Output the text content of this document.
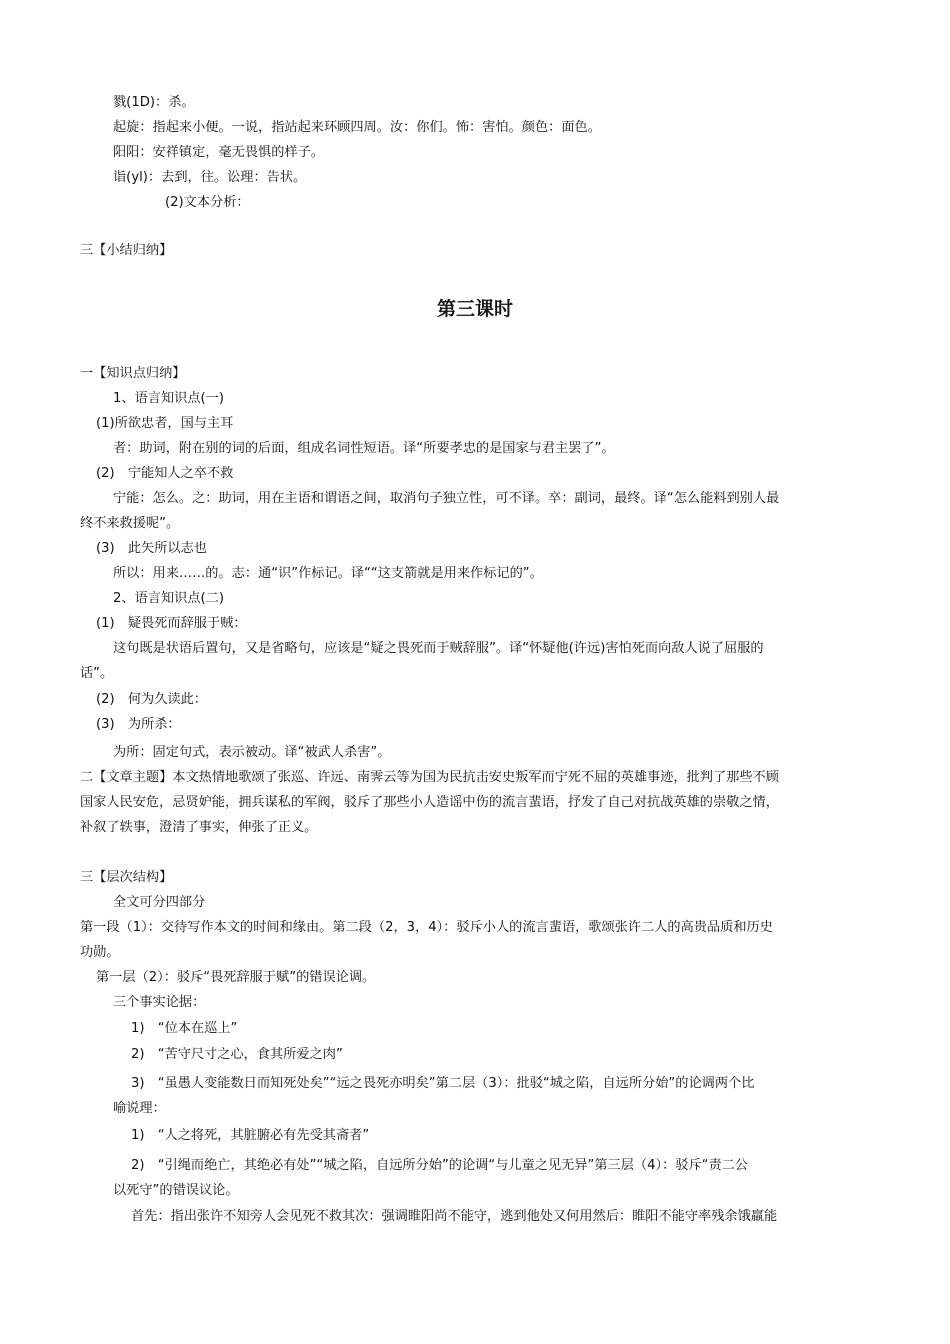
戮(1D)：杀。
起旋：指起来小便。一说，指站起来环顾四周。汝：你们。怖：害怕。颜色：面色。
阳阳：安祥镇定，毫无畏惧的样子。
诣(yl)：去到，往。讼理：告状。
(2)文本分析：
三【小结归纳】
第三课时
一【知识点归纳】
1、语言知识点(一)
(1)所欲忠者，国与主耳
者：助词，附在别的词的后面，组成名词性短语。译“所要孝忠的是国家与君主罢了”。
(2)　宁能知人之卒不救
宁能：怎么。之：助词，用在主语和谓语之间，取消句子独立性，可不译。卒：副词，最终。译“怎么能料到别人最
终不来救援呢”。
(3)　此矢所以志也
所以：用来……的。志：通“识”作标记。译““这支箭就是用来作标记的”。
2、语言知识点(二)
(1)　疑畏死而辞服于贼：
这句既是状语后置句，又是省略句，应该是“疑之畏死而于贼辞服”。译“怀疑他(许远)害怕死而向敌人说了屈服的
话”。
(2)　何为久读此：
(3)　为所杀：
为所：固定句式，表示被动。译“被武人杀害”。
二【文章主题】本文热情地歌颂了张巡、许远、南霁云等为国为民抗击安史叛军而宁死不屈的英雄事迹，批判了那些不顾
国家人民安危，忌贤妒能，拥兵谋私的军阀，驳斥了那些小人造谣中伤的流言蜚语，抒发了自己对抗战英雄的崇敬之情，
补叙了轶事，澄清了事实，伸张了正义。
三【层次结构】
全文可分四部分
第一段（1）：交待写作本文的时间和缘由。第二段（2，3，4）：驳斥小人的流言蜚语，歌颂张许二人的高贵品质和历史
功勋。
第一层（2）：驳斥“畏死辞服于赋”的错误论调。
三个事实论据：
1)　“位本在巡上”
2)　“苦守尺寸之心，食其所爱之肉”
3)　“虽愚人变能数日而知死处矣”“远之畏死亦明矣”第二层（3）：批驳“城之陷，自远所分始”的论调两个比
喻说理：
1)　“人之将死，其脏腑必有先受其斋者”
2)　“引绳而绝亡，其绝必有处”“城之陷，自远所分始”的论调“与儿童之见无异”第三层（4）：驳斥“责二公
以死守”的错误议论。
首先：指出张许不知旁人会见死不救其次：强调睢阳尚不能守，逃到他处又何用然后：睢阳不能守率残余饿羸能
